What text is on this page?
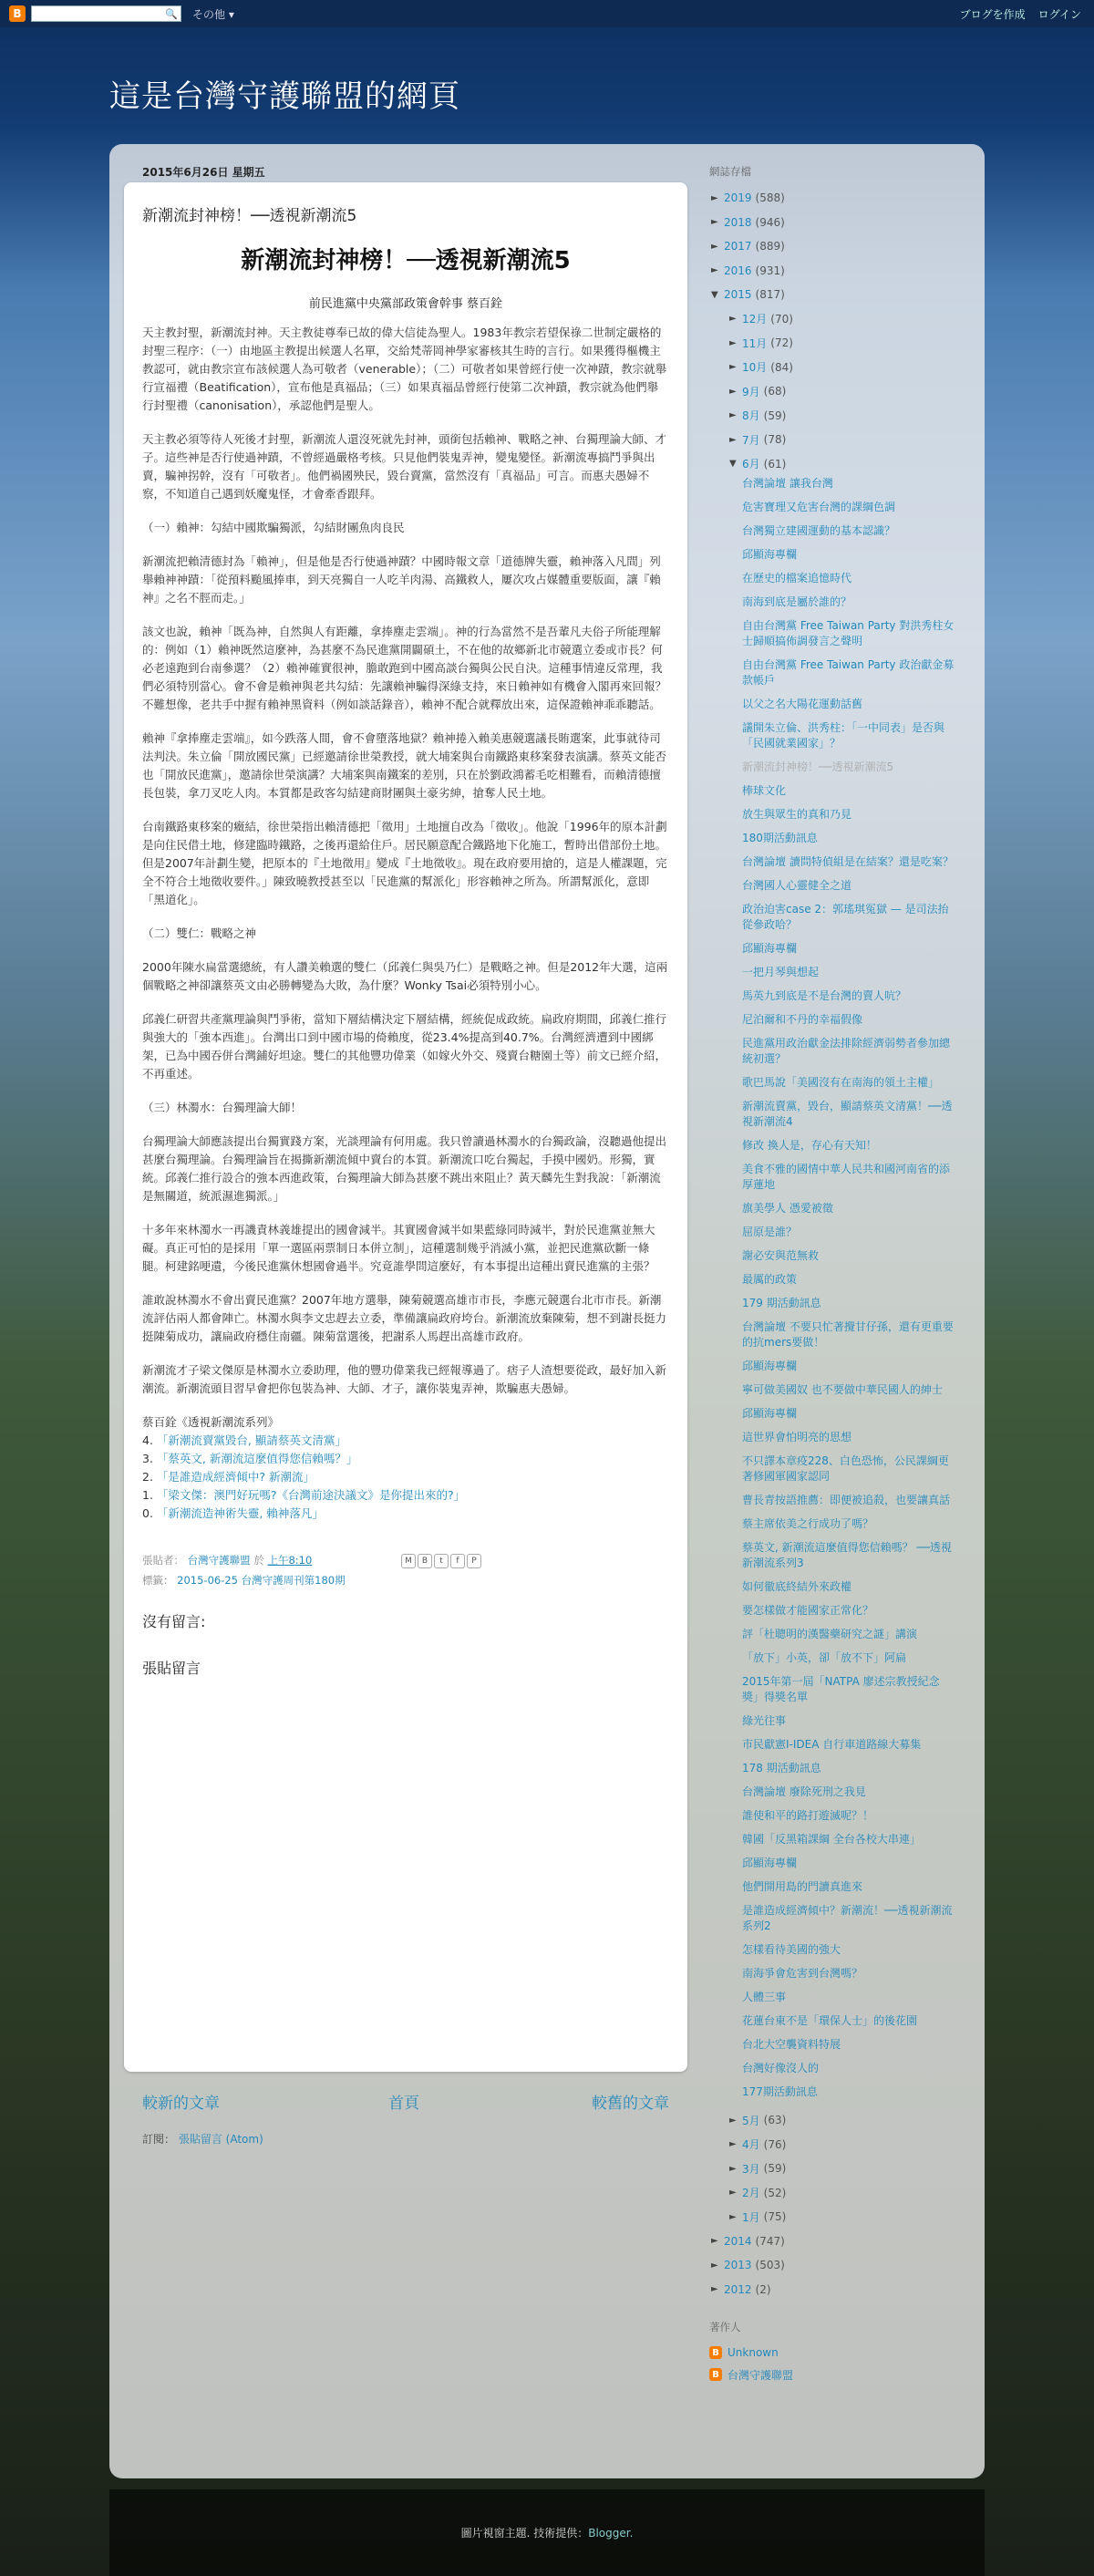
B	🔍 その他 ▾	ブログを作成 ログイン
這是台灣守護聯盟的網頁
2015年6月26日 星期五
新潮流封神榜！──透視新潮流5
新潮流封神榜！──透視新潮流5
前民進黨中央黨部政策會幹事 蔡百銓

天主教封聖，新潮流封神。天主教徒尊奉已故的偉大信徒為聖人。1983年教宗若望保祿二世制定嚴格的封聖三程序：（一）由地區主教提出候選人名單，交給梵蒂岡神學家審核其生時的言行。如果獲得樞機主教認可，就由教宗宣布該候選人為可敬者（venerable）；（二）可敬者如果曾經行使一次神蹟，教宗就舉行宣福禮（Beatification），宣布他是真福品；（三）如果真福品曾經行使第二次神蹟，教宗就為他們舉行封聖禮（canonisation），承認他們是聖人。

天主教必須等待人死後才封聖，新潮流人還沒死就先封神，頭銜包括賴神、戰略之神、台獨理論大師、才子。這些神是否行使過神蹟，不曾經過嚴格考核。只見他們裝鬼弄神，變鬼變怪。新潮流專搞鬥爭與出賣，騙神拐幹，沒有「可敬者」。他們禍國殃民，毀台賣黨，當然沒有「真福品」可言。而惠夫愚婦不察，不知道自己遇到妖魔鬼怪，才會牽香跟拜。

（一）賴神：勾結中國欺騙獨派，勾結財團魚肉良民

新潮流把賴清德封為「賴神」，但是他是否行使過神蹟？中國時報文章「道德牌失靈，賴神落入凡間」列舉賴神神蹟：「從預料颱風捧車，到天亮獨自一人吃羊肉湯、高鐵救人，屢次攻占媒體重要版面，讓『賴神』之名不脛而走。」

該文也說，賴神「既為神，自然與人有距離，拿捧塵走雲端」。神的行為當然不是吾輩凡夫俗子所能理解的：例如（1）賴神既然這麼神，為甚麼不為民進黨開闢碩土，不在他的故鄉新北市競選立委或市長？何必老遠跑到台南參選？（2）賴神確實很神，膽敢跑到中國高談台獨與公民自決。這種事情違反常理，我們必須特別當心。會不會是賴神與老共勾結：先讓賴神騙得深綠支持，來日賴神如有機會入閣再來回報？不難想像，老共手中握有賴神黑資料（例如談話錄音），賴神不配合就釋放出來，這保證賴神乖乖聽話。

賴神『拿捧塵走雲端』，如今跌落人間，會不會墮落地獄？賴神捲入賴美惠競選議長賄選案，此事就待司法判決。朱立倫「開放國民黨」已經邀請徐世榮教授，就大埔案與台南鐵路東移案發表演講。蔡英文能否也「開放民進黨」，邀請徐世榮演講？大埔案與南鐵案的差別，只在於劉政鴻蓄毛吃相難看，而賴清德擅長包裝，拿刀叉吃人肉。本質都是政客勾結建商財團與土豪劣紳，搶奪人民土地。

台南鐵路東移案的癥結，徐世榮指出賴清德把「徵用」土地擅自改為「徵收」。他說「1996年的原本計劃是向住民借土地，修建臨時鐵路，之後再還給住戶。居民願意配合鐵路地下化施工，暫時出借部份土地。但是2007年計劃生變，把原本的『土地徵用』變成『土地徵收』。現在政府要用搶的，這是人權課題，完全不符合土地徵收要件。」陳致曉教授甚至以「民進黨的幫派化」形容賴神之所為。所謂幫派化，意即「黑道化」。

（二）雙仁：戰略之神

2000年陳水扁當選總統，有人讚美賴選的雙仁（邱義仁與吳乃仁）是戰略之神。但是2012年大選，這兩個戰略之神卻讓蔡英文由必勝轉變為大敗，為什麼？Wonky Tsai必須特別小心。

邱義仁研習共產黨理論與鬥爭術，當知下層結構決定下層結構，經統促成政統。扁政府期間，邱義仁推行與強大的「強本西進」。台灣出口到中國市場的倚賴度，從23.4%提高到40.7%。台灣經濟遭到中國綁架，已為中國吞併台灣鋪好坦途。雙仁的其他豐功偉業（如嫁火外交、殘賣台糖園土等）前文已經介紹，不再重述。

（三）林濁水：台獨理論大師！

台獨理論大師應該提出台獨實踐方案，光談理論有何用處。我只曾讀過林濁水的台獨政論，沒聽過他提出甚麼台獨理論。台獨理論旨在揭撕新潮流傾中賣台的本質。新潮流口吃台獨起，手摸中國奶。形獨，實統。邱義仁推行設合的強本西進政策，台獨理論大師為甚麼不跳出來阻止？黃天麟先生對我說：「新潮流是無關道，統派濕進獨派。」

十多年來林濁水一再譏責林義雄提出的國會減半。其實國會減半如果藍綠同時減半，對於民進黨並無大礙。真正可怕的是採用「單一選區兩票制日本併立制」，這種選制幾乎消滅小黨，並把民進黨砍斷一條腿。柯建銘哽遺，今後民進黨休想國會過半。究竟誰學問這麼好，有本事提出這種出賣民進黨的主張？

誰敢說林濁水不會出賣民進黨？2007年地方選舉，陳菊競選高雄市市長，李應元競選台北市市長。新潮流評估兩人都會陣亡。林濁水與李文忠趕去立委，準備讓扁政府垮台。新潮流放棄陳菊，想不到謝長挺力挺陳菊成功，讓扁政府穩住南疆。陳菊當選後，把謝系人馬趕出高雄市政府。

新潮流才子梁文傑原是林濁水立委助理，他的豐功偉業我已經報導過了。痞子人渣想要從政，最好加入新潮流。新潮流頭目習早會把你包裝為神、大師、才子，讓你裝鬼弄神，欺騙惠夫愚婦。

蔡百銓《透視新潮流系列》
4. 「新潮流賣黨毀台, 顯請蔡英文清黨」
3. 「蔡英文, 新潮流這麼值得您信賴嗎？」
2. 「是誰造成經濟傾中? 新潮流」
1. 「梁文傑：澳門好玩嗎?《台灣前途決議文》是你提出來的?」
0. 「新潮流造神術失靈, 賴神落凡」
張貼者： 台灣守護聯盟 於 上午8:10	M	B	t	f	P
標籤： 2015-06-25 台灣守護周刊第180期
沒有留言:
張貼留言
較新的文章	首頁	較舊的文章
訂閱： 張貼留言 (Atom)
網誌存檔
► 2019 (588)
► 2018 (946)
► 2017 (889)
► 2016 (931)
▼ 2015 (817)
► 12月 (70)
► 11月 (72)
► 10月 (84)
► 9月 (68)
► 8月 (59)
► 7月 (78)
▼ 6月 (61)
台灣論壇 讓我台灣
危害寶理又危害台灣的課綱色調
台灣獨立建國運動的基本認識？
邱顯海專欄
在歷史的檔案追憶時代
南海到底是屬於誰的？
自由台灣黨 Free Taiwan Party 對洪秀柱女士歸順搞佈調發言之聲明
自由台灣黨 Free Taiwan Party 政治獻金募款帳戶
以父之名大陽花運動話舊
議開朱立倫、洪秀柱：「一中同表」是否與「民國就業國家」？
新潮流封神榜！──透視新潮流5
棒球文化
放生與眾生的真和乃見
180期活動訊息
台灣論壇 讀問特偵組是在結案？還是吃案？
台灣國人心靈健全之道
政治迫害case 2：郭瑤琪冤獄 — 是司法抬從參政哈？
邱顯海專欄
一把月琴與想起
馬英九到底是不是台灣的賣人吭？
尼泊爾和不丹的幸福假像
民進黨用政治獻金法排除經濟弱勢者參加總統初選？
歌巴馬說「美國沒有在南海的領土主權」
新潮流賣黨，毀台，顯請蔡英文清黨！──透視新潮流4
修改 換人是，存心有天知！
美食不雅的國情中華人民共和國河南省的添厚蓮地
旗美學人 憑愛被徵
屈原是誰？
謝必安與范無救
最厲的政策
179 期活動訊息
台灣論壇 不要只忙著攪甘仔孫，還有更重要的抗mers要做！
邱顯海專欄
寧可做美國奴 也不要做中華民國人的紳士
邱顯海專欄
這世界會怕明亮的思想
不只譯本章疫228、白色恐怖，公民課綱更著修國軍國家認同
曹長青按語推薦：即便被追殺，也要讓真話
蔡主席依美之行成功了嗎？
蔡英文, 新潮流這麼值得您信賴嗎？ ──透視新潮流系列3
如何徹底終結外來政權
要怎樣做才能國家正常化？
評「杜聰明的漢醫藥研究之謎」講演
「放下」小英，卻「放不下」阿扁
2015年第一屆「NATPA 廖述宗教授紀念獎」得獎名單
綠光往事
市民獻憲I-IDEA 自行車道路線大募集
178 期活動訊息
台灣論壇 廢除死刑之我見
誰使和平的路打遊滅呢？！
韓國「反黑箱課綱 全台各校大串連」
邱顯海專欄
他們開用島的門讀真進來
是誰造成經濟傾中？新潮流！──透視新潮流系列2
怎樣看待美國的強大
南海爭會危害到台灣嗎？
人體三事
花蓮台東不是「環保人士」的後花園
台北大空襲資料特展
台灣好像沒人的
177期活動訊息
► 5月 (63)
► 4月 (76)
► 3月 (59)
► 2月 (52)
► 1月 (75)
► 2014 (747)
► 2013 (503)
► 2012 (2)
著作人
B Unknown
B 台灣守護聯盟
圖片視窗主題. 技術提供： Blogger.
